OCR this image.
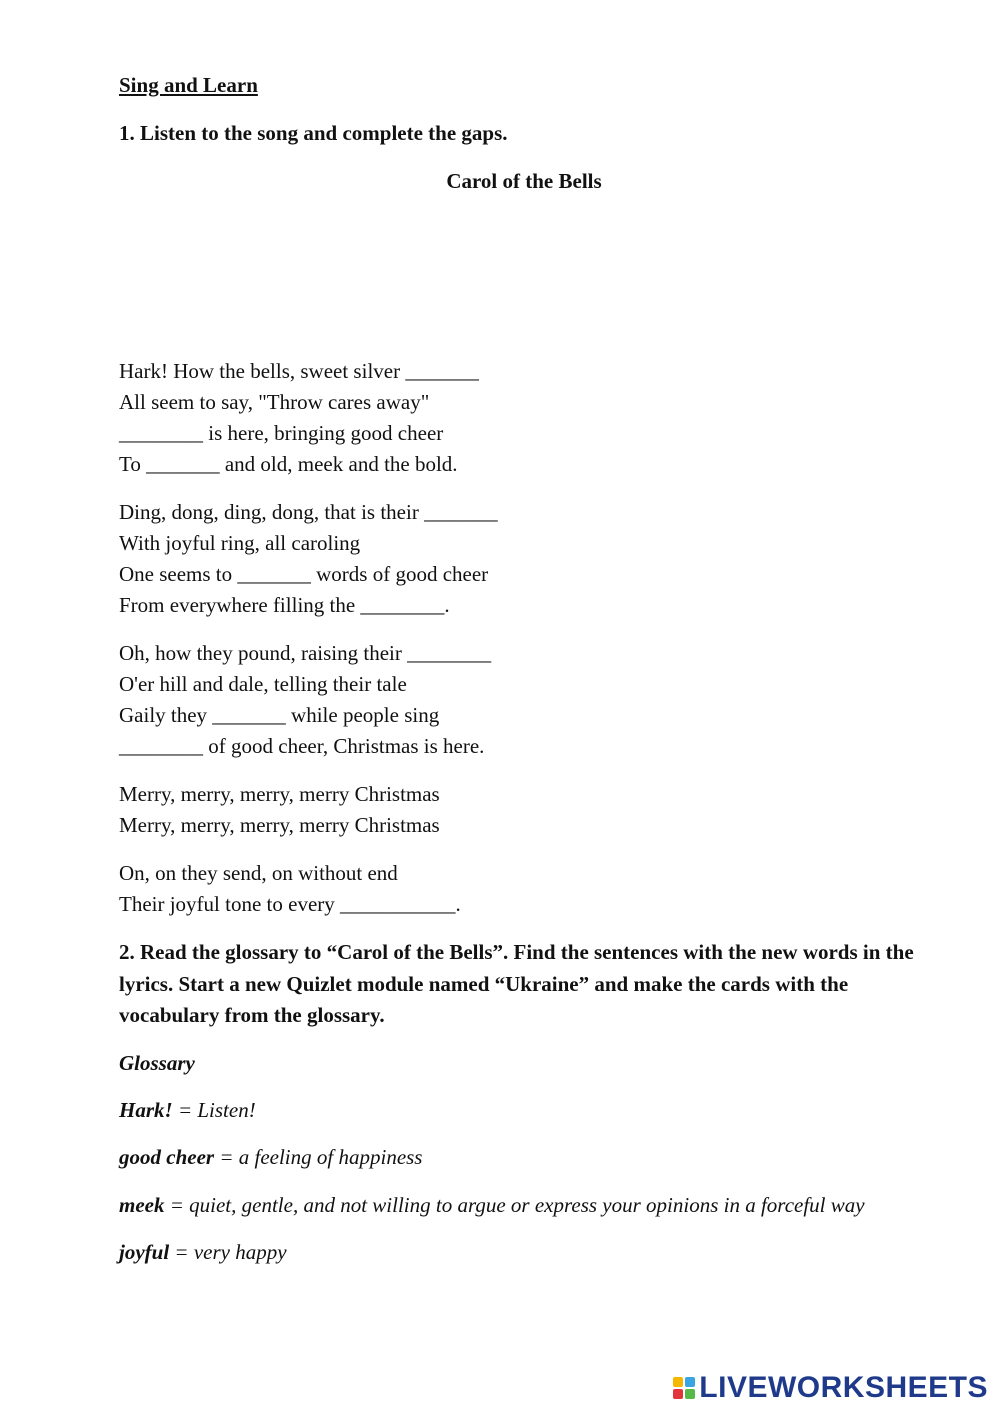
Sing and Learn

1. Listen to the song and complete the gaps.

Carol of the Bells

Hark! How the bells, sweet silver _______
All seem to say, "Throw cares away"
________ is here, bringing good cheer
To _______ and old, meek and the bold.

Ding, dong, ding, dong, that is their _______
With joyful ring, all caroling
One seems to _______ words of good cheer
From everywhere filling the ________.

Oh, how they pound, raising their ________
O'er hill and dale, telling their tale
Gaily they _______ while people sing
________ of good cheer, Christmas is here.

Merry, merry, merry, merry Christmas
Merry, merry, merry, merry Christmas

On, on they send, on without end
Their joyful tone to every ___________.

2. Read the glossary to “Carol of the Bells”. Find the sentences with the new words in the lyrics. Start a new Quizlet module named “Ukraine” and make the cards with the vocabulary from the glossary.

Glossary

Hark! = Listen!

good cheer = a feeling of happiness

meek = quiet, gentle, and not willing to argue or express your opinions in a forceful way

joyful = very happy

LIVEWORKSHEETS
